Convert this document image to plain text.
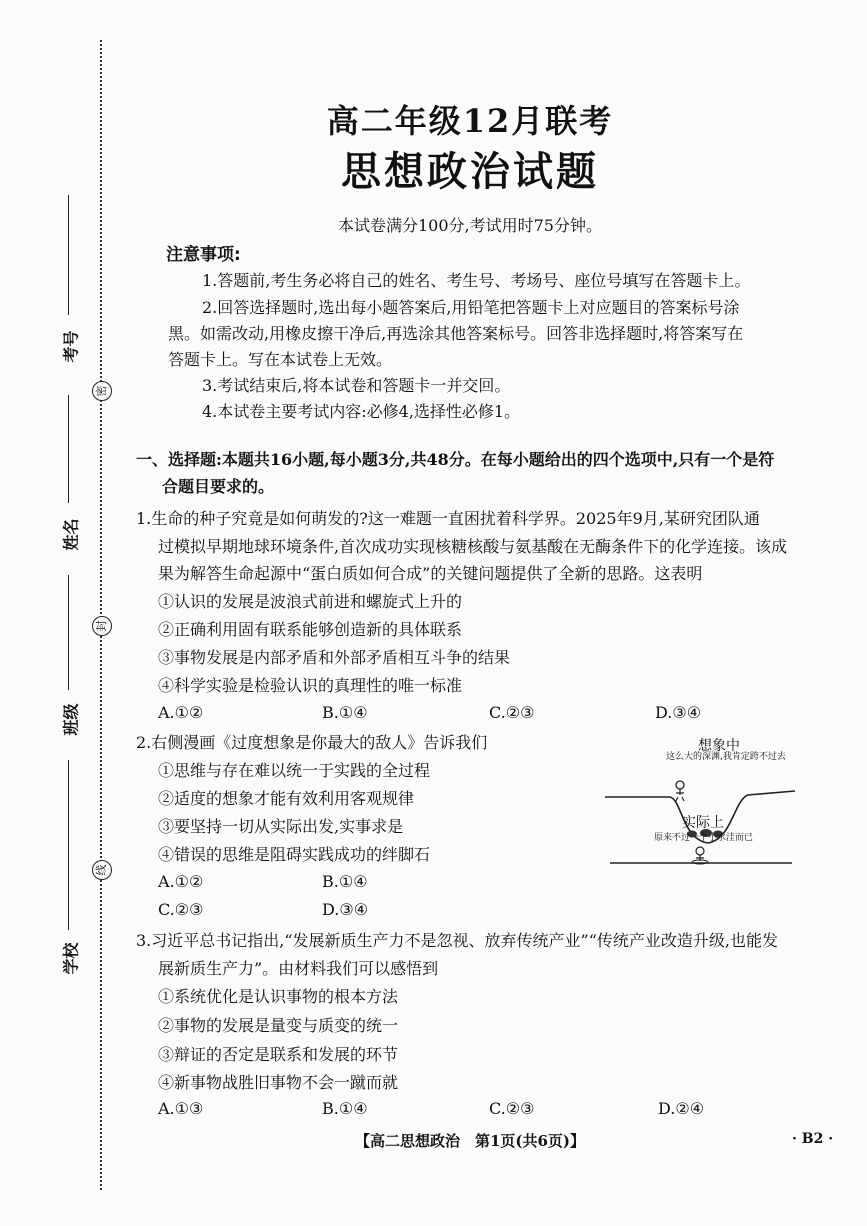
密
封
线
考号
姓名
班级
学校
高二年级12月联考
思想政治试题
本试卷满分100分,考试用时75分钟。
注意事项:
1.答题前,考生务必将自己的姓名、考生号、考场号、座位号填写在答题卡上。
2.回答选择题时,选出每小题答案后,用铅笔把答题卡上对应题目的答案标号涂
黑。如需改动,用橡皮擦干净后,再选涂其他答案标号。回答非选择题时,将答案写在
答题卡上。写在本试卷上无效。
3.考试结束后,将本试卷和答题卡一并交回。
4.本试卷主要考试内容:必修4,选择性必修1。
一、选择题:本题共16小题,每小题3分,共48分。在每小题给出的四个选项中,只有一个是符
合题目要求的。
1.生命的种子究竟是如何萌发的?这一难题一直困扰着科学界。2025年9月,某研究团队通
过模拟早期地球环境条件,首次成功实现核糖核酸与氨基酸在无酶条件下的化学连接。该成
果为解答生命起源中“蛋白质如何合成”的关键问题提供了全新的思路。这表明
①认识的发展是波浪式前进和螺旋式上升的
②正确利用固有联系能够创造新的具体联系
③事物发展是内部矛盾和外部矛盾相互斗争的结果
④科学实验是检验认识的真理性的唯一标准
A.①②	B.①④	C.②③	D.③④
2.右侧漫画《过度想象是你最大的敌人》告诉我们
①思维与存在难以统一于实践的全过程
②适度的想象才能有效利用客观规律
③要坚持一切从实际出发,实事求是
④错误的思维是阻碍实践成功的绊脚石
A.①②	B.①④
C.②③	D.③④
想象中
这么大的深渊,我肯定跨不过去
实际上
原来不过一个小水洼而已
3.习近平总书记指出,“发展新质生产力不是忽视、放弃传统产业”“传统产业改造升级,也能发
展新质生产力”。由材料我们可以感悟到
①系统优化是认识事物的根本方法
②事物的发展是量变与质变的统一
③辩证的否定是联系和发展的环节
④新事物战胜旧事物不会一蹴而就
A.①③	B.①④	C.②③	D.②④
【高二思想政治　第1页(共6页)】	· B2 ·
